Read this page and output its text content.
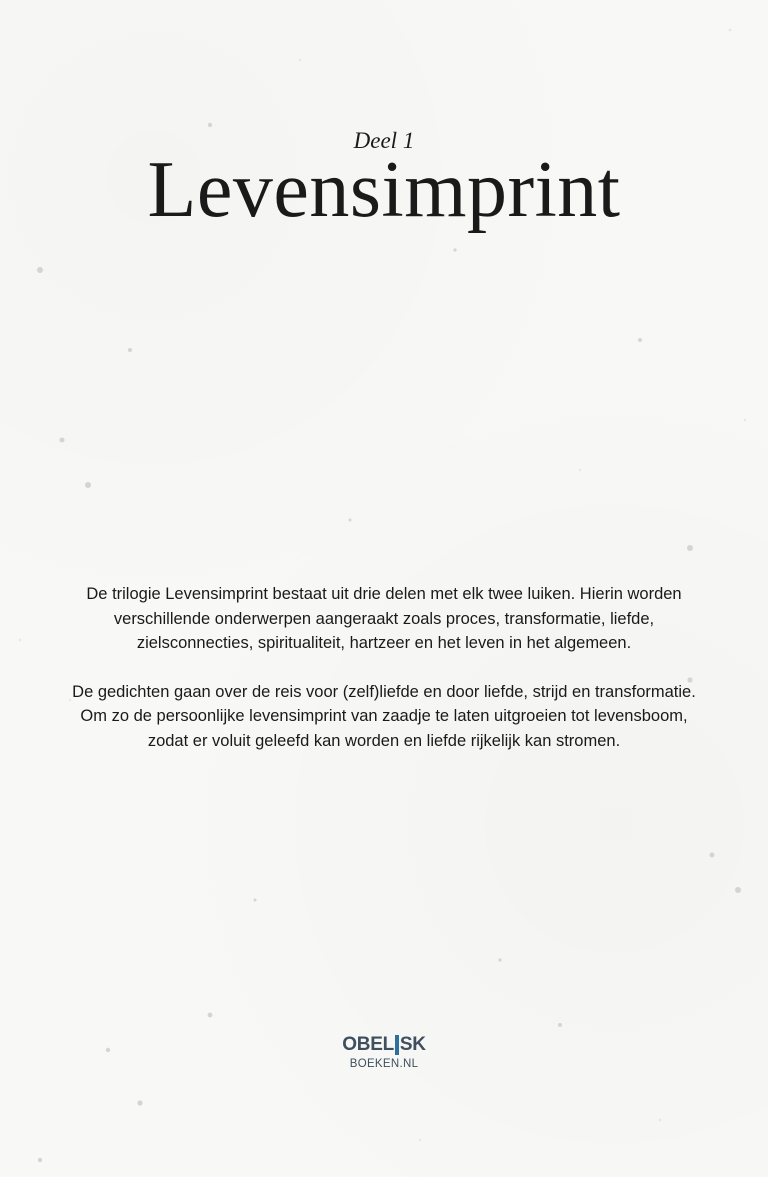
Deel 1
Levensimprint

De trilogie Levensimprint bestaat uit drie delen met elk twee luiken. Hierin worden verschillende onderwerpen aangeraakt zoals proces, transformatie, liefde, zielsconnecties, spiritualiteit, hartzeer en het leven in het algemeen.

De gedichten gaan over de reis voor (zelf)liefde en door liefde, strijd en transformatie. Om zo de persoonlijke levensimprint van zaadje te laten uitgroeien tot levensboom, zodat er voluit geleefd kan worden en liefde rijkelijk kan stromen.

OBEL SK
BOEKEN.NL
